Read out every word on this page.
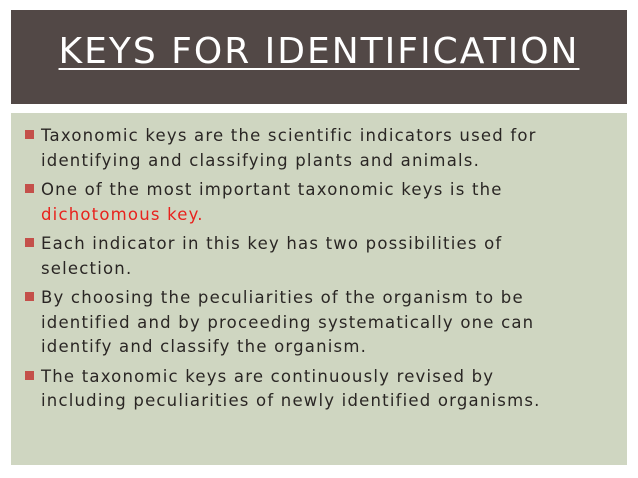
KEYS FOR IDENTIFICATION
Taxonomic keys are the scientific indicators used for
identifying and classifying plants and animals.
One of the most important taxonomic keys is the
dichotomous key.
Each indicator in this key has two possibilities of
selection.
By choosing the peculiarities of the organism to be
identified and by proceeding systematically one can
identify and classify the organism.
The taxonomic keys are continuously revised by
including peculiarities of newly identified organisms.
